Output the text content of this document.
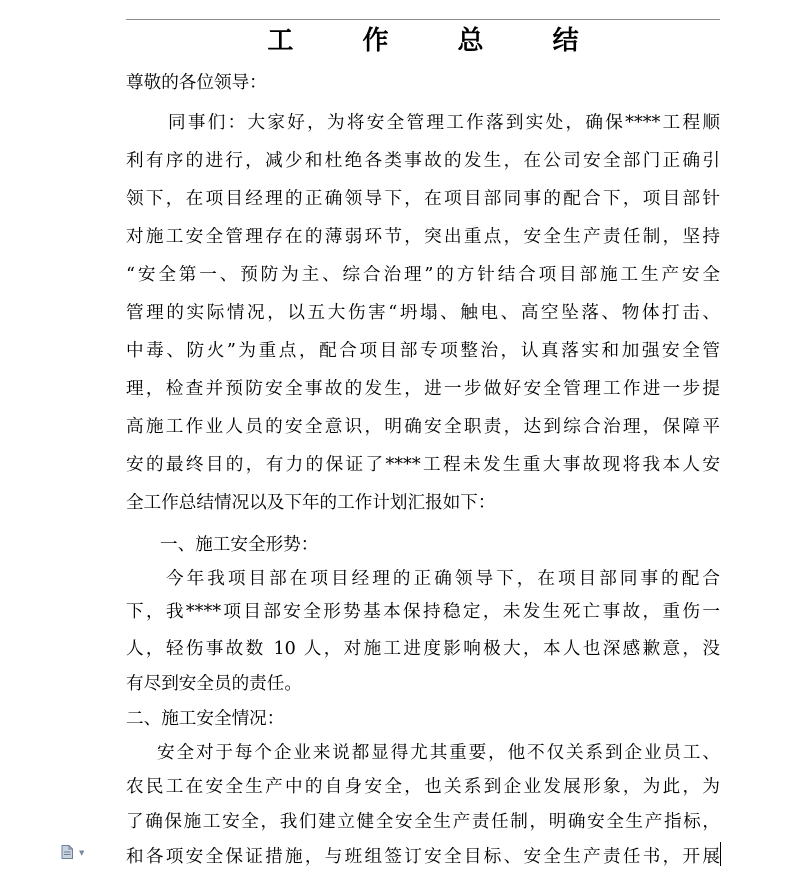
工 作 总 结
尊敬的各位领导：
同事们：大家好，为将安全管理工作落到实处，确保****工程顺
利有序的进行，减少和杜绝各类事故的发生，在公司安全部门正确引
领下，在项目经理的正确领导下，在项目部同事的配合下，项目部针
对施工安全管理存在的薄弱环节，突出重点，安全生产责任制，坚持
“安全第一、预防为主、综合治理”的方针结合项目部施工生产安全
管理的实际情况，以五大伤害“坍塌、触电、高空坠落、物体打击、
中毒、防火”为重点，配合项目部专项整治，认真落实和加强安全管
理，检查并预防安全事故的发生，进一步做好安全管理工作进一步提
高施工作业人员的安全意识，明确安全职责，达到综合治理，保障平
安的最终目的，有力的保证了****工程未发生重大事故现将我本人安
全工作总结情况以及下年的工作计划汇报如下：
一、施工安全形势：
今年我项目部在项目经理的正确领导下，在项目部同事的配合
下，我****项目部安全形势基本保持稳定，未发生死亡事故，重伤一
人，轻伤事故数 10 人，对施工进度影响极大，本人也深感歉意，没
有尽到安全员的责任。
二、施工安全情况：
安全对于每个企业来说都显得尤其重要，他不仅关系到企业员工、
农民工在安全生产中的自身安全，也关系到企业发展形象，为此，为
了确保施工安全，我们建立健全安全生产责任制，明确安全生产指标，
和各项安全保证措施，与班组签订安全目标、安全生产责任书，开展
▼
